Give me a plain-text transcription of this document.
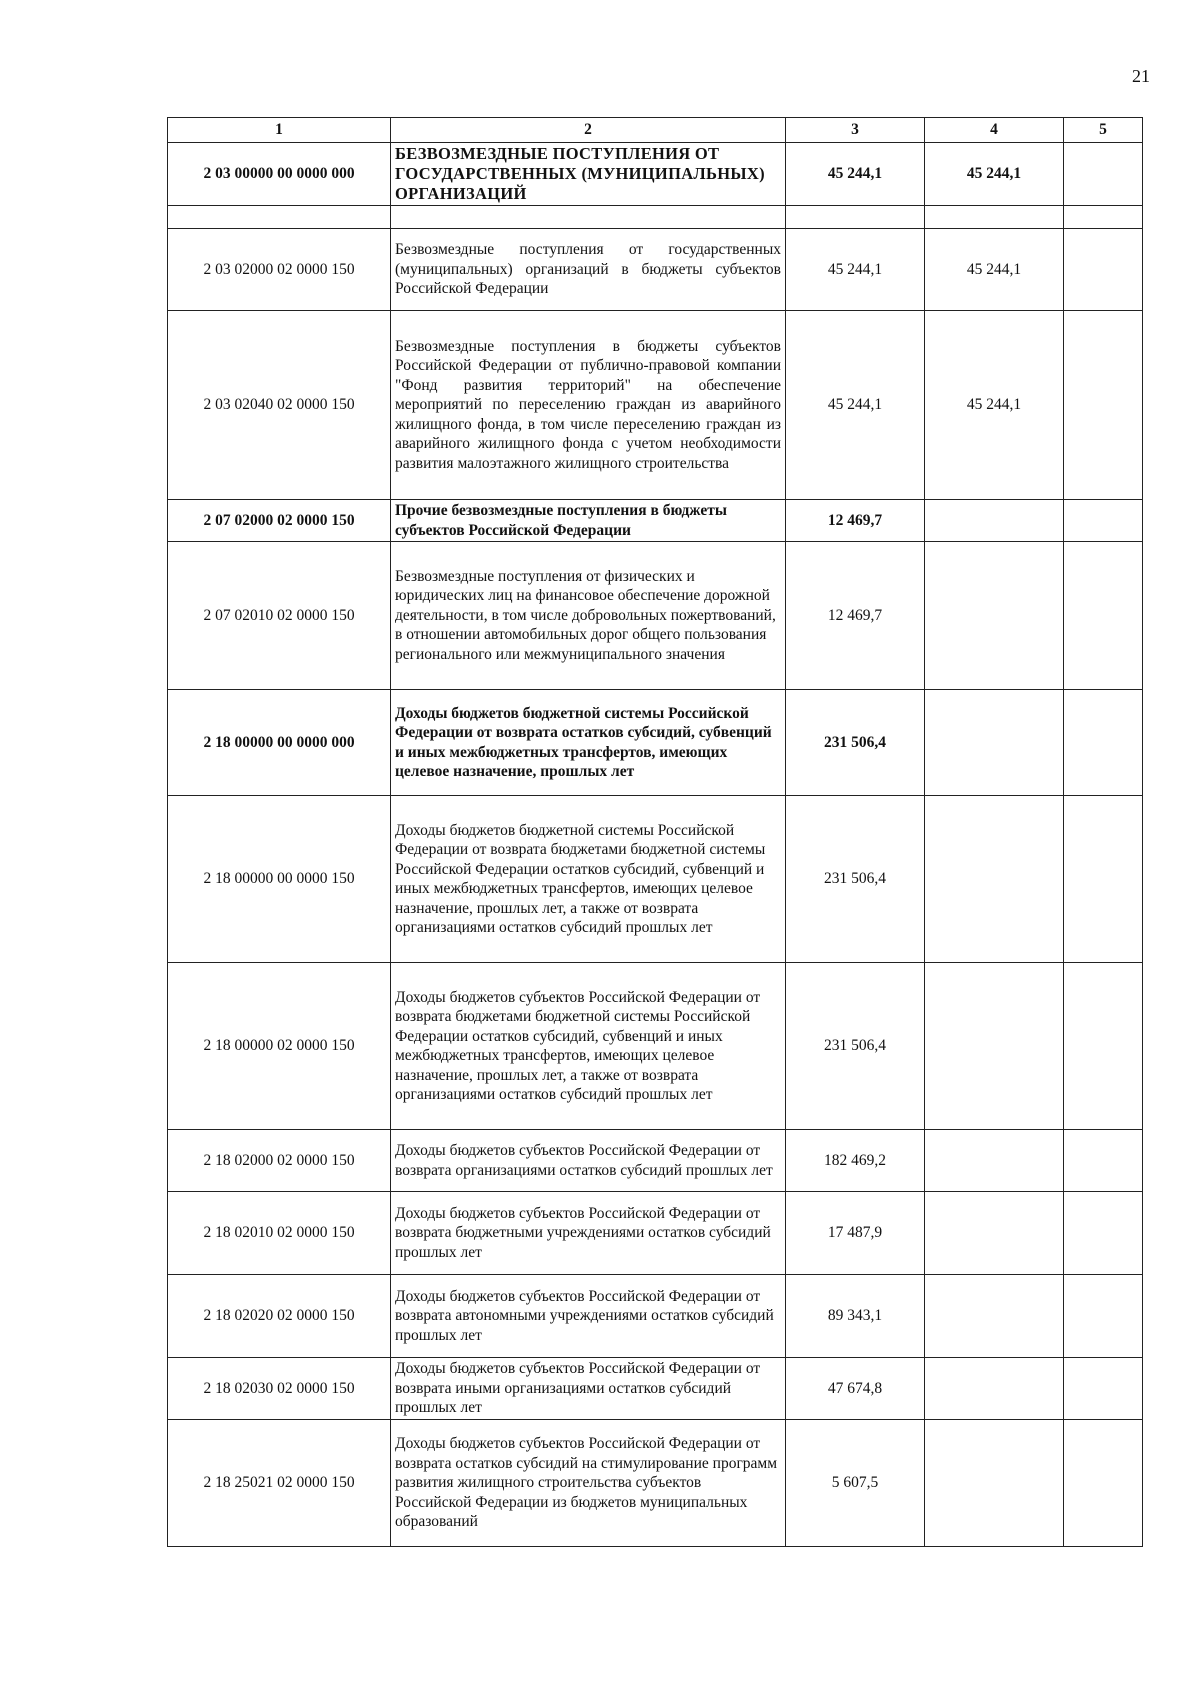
21
1	2	3	4	5
2 03 00000 00 0000 000	БЕЗВОЗМЕЗДНЫЕ ПОСТУПЛЕНИЯ ОТ ГОСУДАРСТВЕННЫХ (МУНИЦИПАЛЬНЫХ) ОРГАНИЗАЦИЙ	45 244,1	45 244,1	

2 03 02000 02 0000 150	Безвозмездные поступления от государственных (муниципальных) организаций в бюджеты субъектов Российской Федерации	45 244,1	45 244,1	
2 03 02040 02 0000 150	Безвозмездные поступления в бюджеты субъектов Российской Федерации от публично-правовой компании "Фонд развития территорий" на обеспечение мероприятий по переселению граждан из аварийного жилищного фонда, в том числе переселению граждан из аварийного жилищного фонда с учетом необходимости развития малоэтажного жилищного строительства	45 244,1	45 244,1	
2 07 02000 02 0000 150	Прочие безвозмездные поступления в бюджеты субъектов Российской Федерации	12 469,7		
2 07 02010 02 0000 150	Безвозмездные поступления от физических и юридических лиц на финансовое обеспечение дорожной деятельности, в том числе добровольных пожертвований, в отношении автомобильных дорог общего пользования регионального или межмуниципального значения	12 469,7		
2 18 00000 00 0000 000	Доходы бюджетов бюджетной системы Российской Федерации от возврата остатков субсидий, субвенций и иных межбюджетных трансфертов, имеющих целевое назначение, прошлых лет	231 506,4		
2 18 00000 00 0000 150	Доходы бюджетов бюджетной системы Российской Федерации от возврата бюджетами бюджетной системы Российской Федерации остатков субсидий, субвенций и иных межбюджетных трансфертов, имеющих целевое назначение, прошлых лет, а также от возврата организациями остатков субсидий прошлых лет	231 506,4		
2 18 00000 02 0000 150	Доходы бюджетов субъектов Российской Федерации от возврата бюджетами бюджетной системы Российской Федерации остатков субсидий, субвенций и иных межбюджетных трансфертов, имеющих целевое назначение, прошлых лет, а также от возврата организациями остатков субсидий прошлых лет	231 506,4		
2 18 02000 02 0000 150	Доходы бюджетов субъектов Российской Федерации от возврата организациями остатков субсидий прошлых лет	182 469,2		
2 18 02010 02 0000 150	Доходы бюджетов субъектов Российской Федерации от возврата бюджетными учреждениями остатков субсидий прошлых лет	17 487,9		
2 18 02020 02 0000 150	Доходы бюджетов субъектов Российской Федерации от возврата автономными учреждениями остатков субсидий прошлых лет	89 343,1		
2 18 02030 02 0000 150	Доходы бюджетов субъектов Российской Федерации от возврата иными организациями остатков субсидий прошлых лет	47 674,8		
2 18 25021 02 0000 150	Доходы бюджетов субъектов Российской Федерации от возврата остатков субсидий на стимулирование программ развития жилищного строительства субъектов Российской Федерации из бюджетов муниципальных образований	5 607,5		
